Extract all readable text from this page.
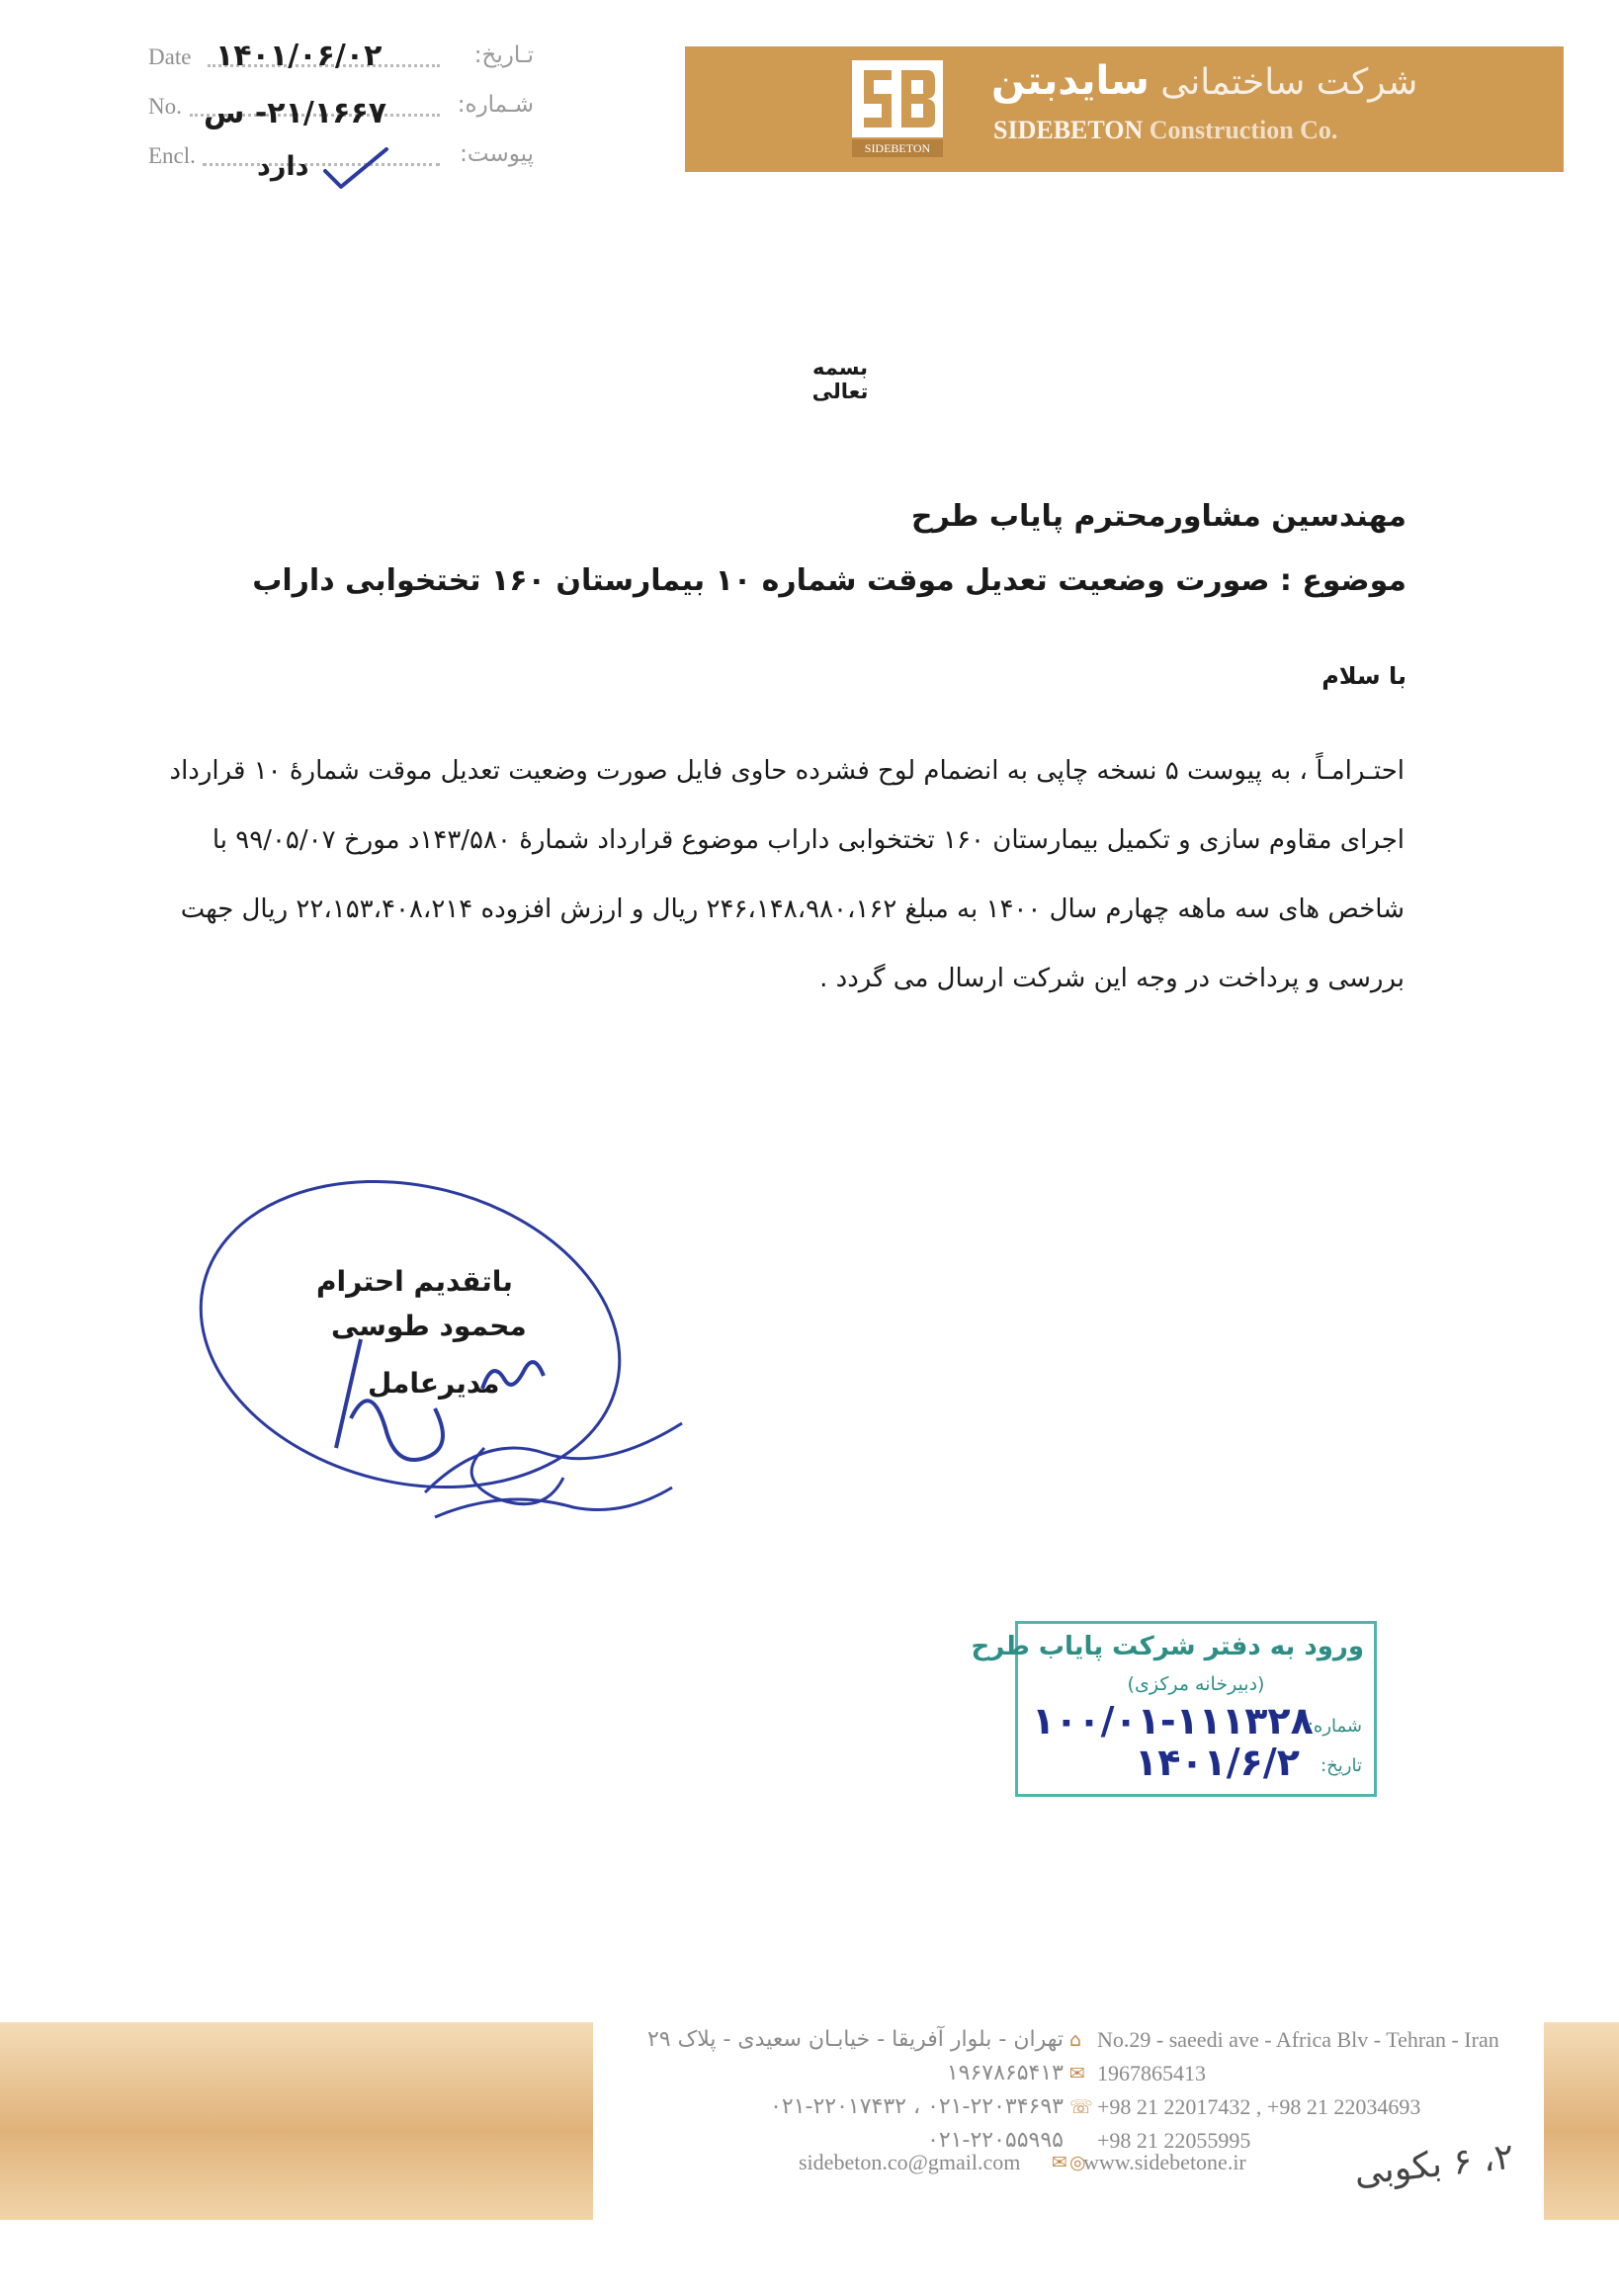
Date ۱۴۰۱/۰۶/۰۲	تـاریخ:
No. ۲۱/۱۶۶۷- س	شـماره:
Encl. دارد	پیوست:	SIDEBETON
شرکت ساختمانی سایدبتن
SIDEBETON Construction Co.
بسمه تعالی
مهندسین مشاورمحترم پایاب طرح
موضوع : صورت وضعیت تعدیل موقت شماره ۱۰ بیمارستان ۱۶۰ تختخوابی داراب
با سلام
احتـرامـاً ، به پیوست ۵ نسخه چاپی به انضمام لوح فشرده حاوی فایل صورت وضعیت تعدیل موقت شمارهٔ ۱۰ قرارداد
اجرای مقاوم سازی و تکمیل بیمارستان ۱۶۰ تختخوابی داراب موضوع قرارداد شمارهٔ ۱۴۳/۵۸۰د مورخ ۹۹/۰۵/۰۷ با
شاخص های سه ماهه چهارم سال ۱۴۰۰ به مبلغ ۲۴۶،۱۴۸،۹۸۰،۱۶۲ ریال و ارزش افزوده ۲۲،۱۵۳،۴۰۸،۲۱۴ ریال جهت
بررسی و پرداخت در وجه این شرکت ارسال می گردد .
باتقدیم احترام
محمود طوسی
مدیرعامل
ورود به دفتر شرکت پایاب طرح
(دبیرخانه مرکزی)
شماره:
۱۰۰/۰۱-۱۱۱۳۲۸
تاریخ:
۱۴۰۱/۶/۲
تهران - بلوار آفریقا - خیابـان سعیدی - پلاک ۲۹ ⌂ No.29 - saeedi ave - Africa Blv - Tehran - Iran
۱۹۶۷۸۶۵۴۱۳ ✉ 1967865413
۰۲۱-۲۲۰۱۷۴۳۲ ، ۰۲۱-۲۲۰۳۴۶۹۳ ☏ +98 21 22017432 , +98 21 22034693
۰۲۱-۲۲۰۵۵۹۹۵ +98 21 22055995
sidebeton.co@gmail.com ✉ ◎
www.sidebetone.ir	۲، ۶ بکوبی
